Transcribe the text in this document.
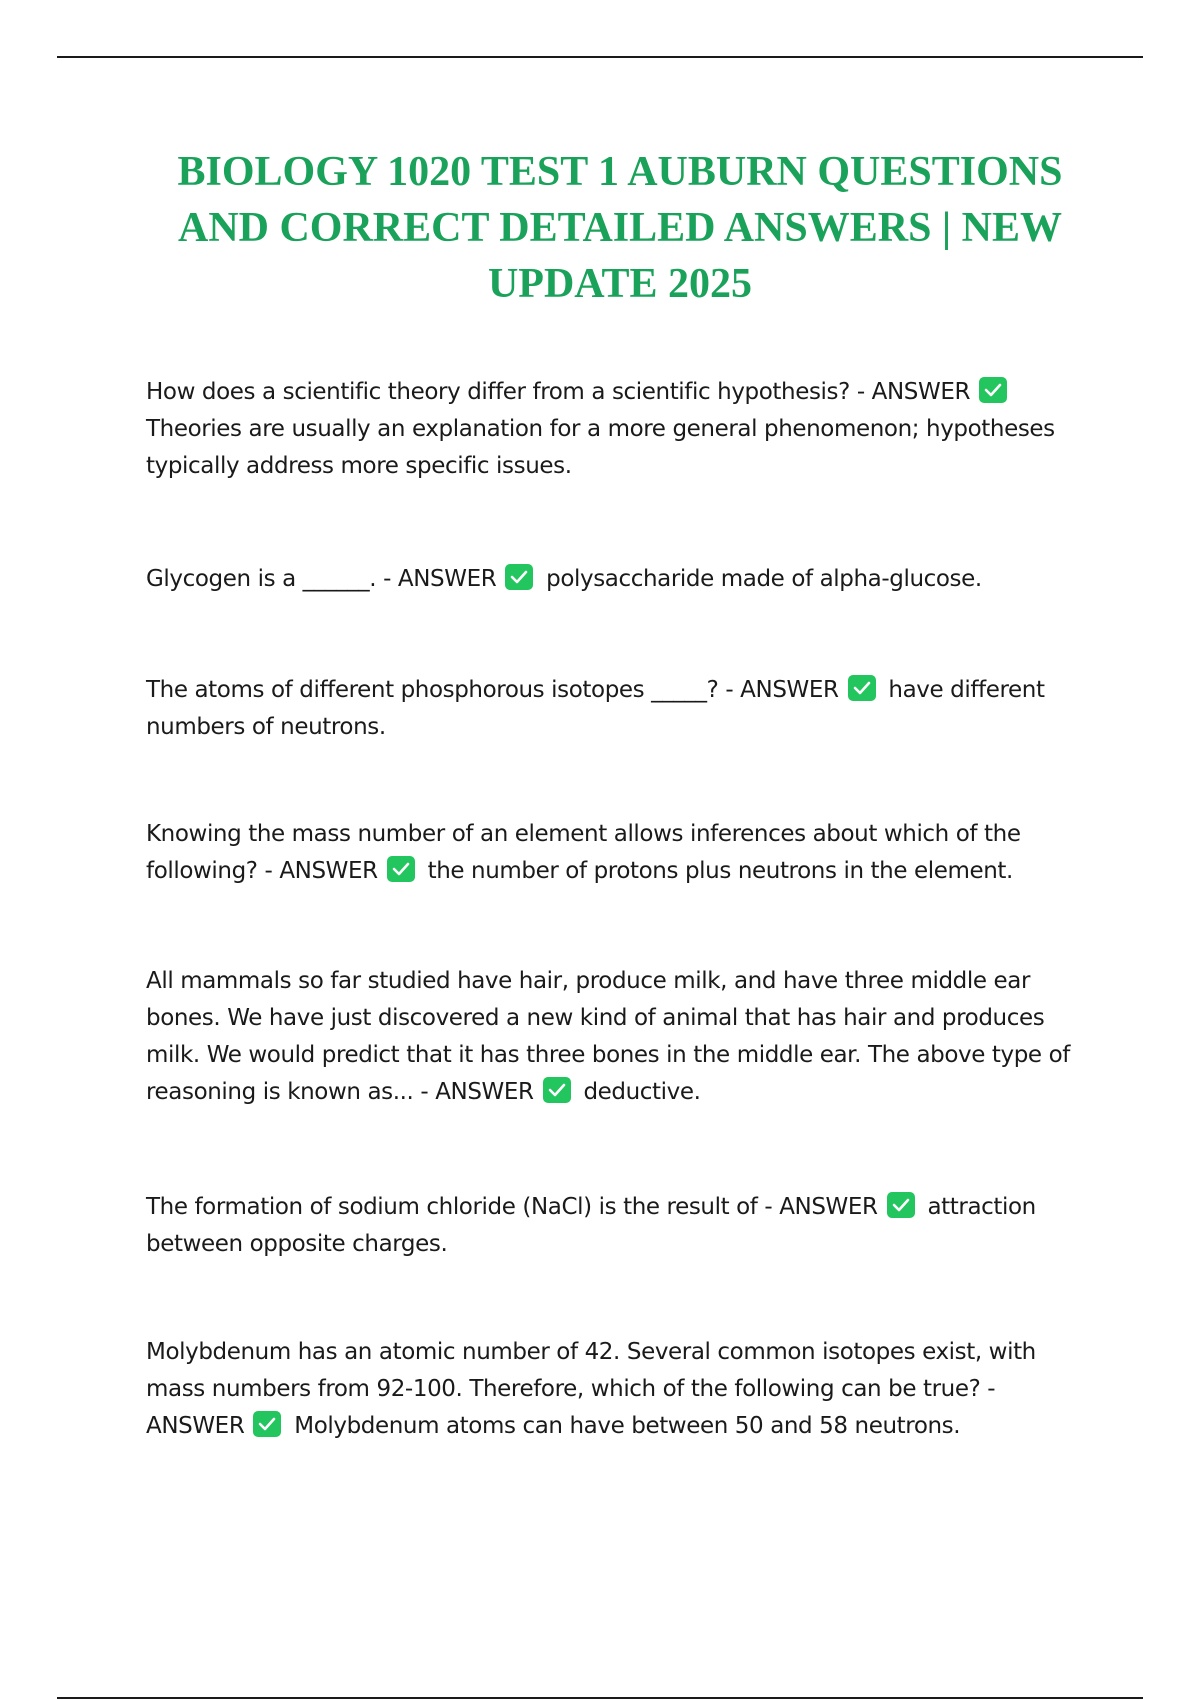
BIOLOGY 1020 TEST 1 AUBURN QUESTIONS AND CORRECT DETAILED ANSWERS | NEW UPDATE 2025

How does a scientific theory differ from a scientific hypothesis? - ANSWER
Theories are usually an explanation for a more general phenomenon; hypotheses typically address more specific issues.

Glycogen is a ______. - ANSWER polysaccharide made of alpha-glucose.

The atoms of different phosphorous isotopes _____? - ANSWER have different numbers of neutrons.

Knowing the mass number of an element allows inferences about which of the following? - ANSWER the number of protons plus neutrons in the element.

All mammals so far studied have hair, produce milk, and have three middle ear bones. We have just discovered a new kind of animal that has hair and produces milk. We would predict that it has three bones in the middle ear. The above type of reasoning is known as... - ANSWER deductive.

The formation of sodium chloride (NaCl) is the result of - ANSWER attraction between opposite charges.

Molybdenum has an atomic number of 42. Several common isotopes exist, with mass numbers from 92-100. Therefore, which of the following can be true? - ANSWER Molybdenum atoms can have between 50 and 58 neutrons.
